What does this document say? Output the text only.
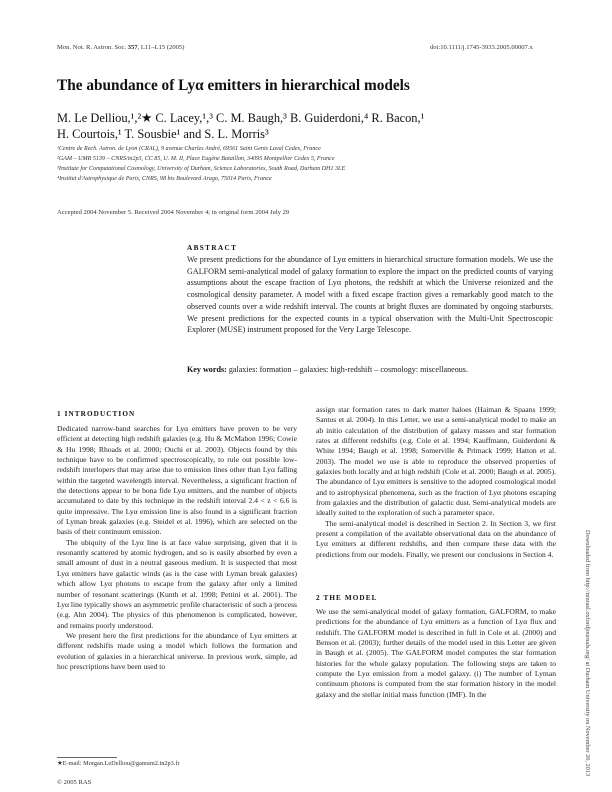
Mon. Not. R. Astron. Soc. 357, L11–L15 (2005)	doi:10.1111/j.1745-3933.2005.00007.x
The abundance of Lyα emitters in hierarchical models
M. Le Delliou,¹,²★ C. Lacey,¹,³ C. M. Baugh,³ B. Guiderdoni,⁴ R. Bacon,¹
H. Courtois,¹ T. Sousbie¹ and S. L. Morris³
¹Centre de Rech. Astron. de Lyon (CRAL), 9 avenue Charles André, 69561 Saint Genis Laval Cedex, France
²GAM – UMR 5139 – CNRS/in2p3, CC 85, U. M. II, Place Eugène Bataillon, 34095 Montpellier Cedex 5, France
³Institute for Computational Cosmology, University of Durham, Science Laboratories, South Road, Durham DH1 3LE
⁴Institut d'Astrophysique de Paris, CNRS, 98 bis Boulevard Arago, 75014 Paris, France
Accepted 2004 November 5. Received 2004 November 4; in original form 2004 July 29
ABSTRACT
We present predictions for the abundance of Lyα emitters in hierarchical structure formation models. We use the GALFORM semi-analytical model of galaxy formation to explore the impact on the predicted counts of varying assumptions about the escape fraction of Lyα photons, the redshift at which the Universe reionized and the cosmological density parameter. A model with a fixed escape fraction gives a remarkably good match to the observed counts over a wide redshift interval. The counts at bright fluxes are dominated by ongoing starbursts. We present predictions for the expected counts in a typical observation with the Multi-Unit Spectroscopic Explorer (MUSE) instrument proposed for the Very Large Telescope.
Key words: galaxies: formation – galaxies: high-redshift – cosmology: miscellaneous.
1 INTRODUCTION

Dedicated narrow-band searches for Lyα emitters have proven to be very efficient at detecting high redshift galaxies (e.g. Hu & McMahon 1996; Cowie & Hu 1998; Rhoads et al. 2000; Ouchi et al. 2003). Objects found by this technique have to be confirmed spectroscopically, to rule out possible low-redshift interlopers that may arise due to emission lines other than Lyα falling within the targeted wavelength interval. Nevertheless, a significant fraction of the detections appear to be bona fide Lyα emitters, and the number of objects accumulated to date by this technique in the redshift interval 2.4 < z < 6.6 is quite impressive. The Lyα emission line is also found in a significant fraction of Lyman break galaxies (e.g. Steidel et al. 1996), which are selected on the basis of their continuum emission.

The ubiquity of the Lyα line is at face value surprising, given that it is resonantly scattered by atomic hydrogen, and so is easily absorbed by even a small amount of dust in a neutral gaseous medium. It is suspected that most Lyα emitters have galactic winds (as is the case with Lyman break galaxies) which allow Lyα photons to escape from the galaxy after only a limited number of resonant scatterings (Kunth et al. 1998; Pettini et al. 2001). The Lyα line typically shows an asymmetric profile characteristic of such a process (e.g. Ahn 2004). The physics of this phenomenon is complicated, however, and remains poorly understood.

We present here the first predictions for the abundance of Lyα emitters at different redshifts made using a model which follows the formation and evolution of galaxies in a hierarchical universe. In previous work, simple, ad hoc prescriptions have been used to

assign star formation rates to dark matter haloes (Haiman & Spaans 1999; Santos et al. 2004). In this Letter, we use a semi-analytical model to make an ab initio calculation of the distribution of galaxy masses and star formation rates at different redshifts (e.g. Cole et al. 1994; Kauffmann, Guiderdoni & White 1994; Baugh et al. 1998; Somerville & Primack 1999; Hatton et al. 2003). The model we use is able to reproduce the observed properties of galaxies both locally and at high redshift (Cole et al. 2000; Baugh et al. 2005). The abundance of Lyα emitters is sensitive to the adopted cosmological model and to astrophysical phenomena, such as the fraction of Lyα photons escaping from galaxies and the distribution of galactic dust. Semi-analytical models are ideally suited to the exploration of such a parameter space.

The semi-analytical model is described in Section 2. In Section 3, we first present a compilation of the available observational data on the abundance of Lyα emitters at different redshifts, and then compare these data with the predictions from our models. Finally, we present our conclusions in Section 4.

2 THE MODEL

We use the semi-analytical model of galaxy formation, GALFORM, to make predictions for the abundance of Lyα emitters as a function of Lyα flux and redshift. The GALFORM model is described in full in Cole et al. (2000) and Benson et al. (2003); further details of the model used in this Letter are given in Baugh et al. (2005). The GALFORM model computes the star formation histories for the whole galaxy population. The following steps are taken to compute the Lyα emission from a model galaxy. (i) The number of Lyman continuum photons is computed from the star formation history in the model galaxy and the stellar initial mass function (IMF). In the

★E-mail: Morgan.LeDelliou@gamum2.in2p3.fr
© 2005 RAS
Downloaded from http://mnrasl.oxfordjournals.org/ at Durham University on November 26, 2013
